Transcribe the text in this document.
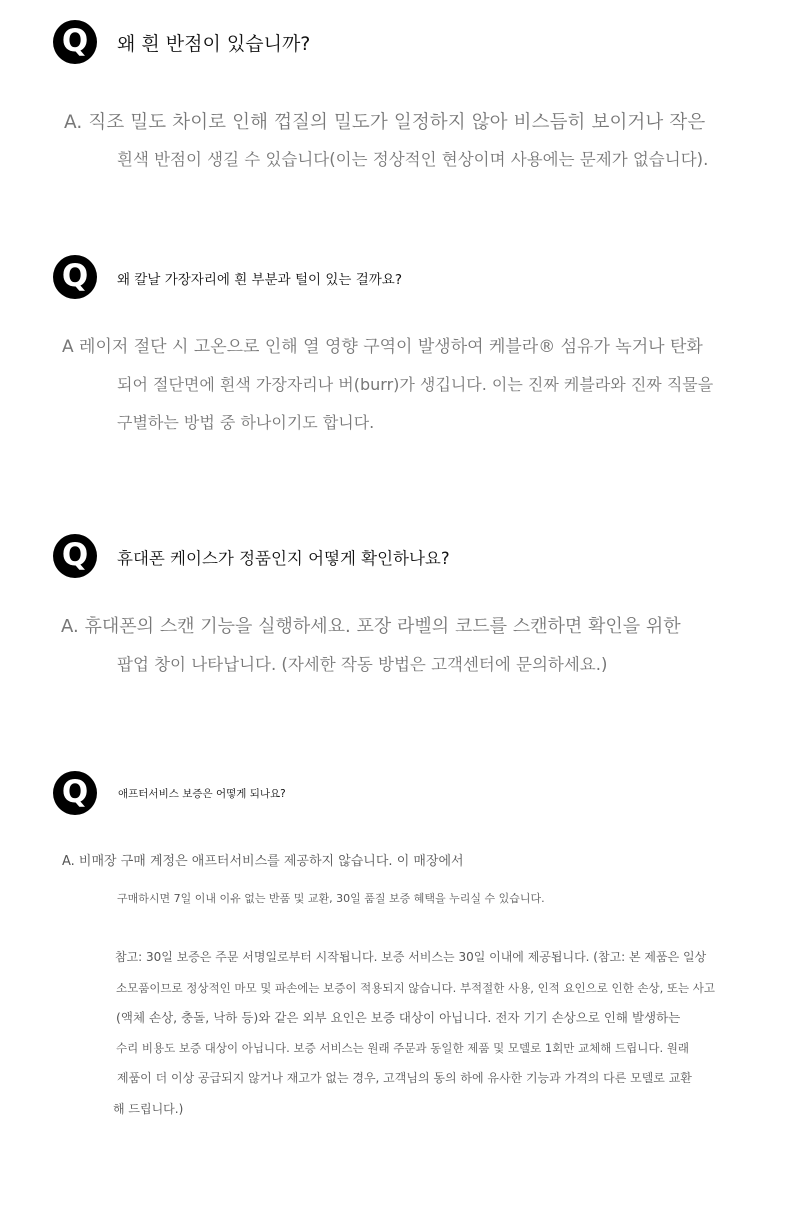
Q 왜 흰 반점이 있습니까?
A. 직조 밀도 차이로 인해 껍질의 밀도가 일정하지 않아 비스듬히 보이거나 작은
흰색 반점이 생길 수 있습니다(이는 정상적인 현상이며 사용에는 문제가 없습니다).
Q 왜 칼날 가장자리에 흰 부분과 털이 있는 걸까요?
A 레이저 절단 시 고온으로 인해 열 영향 구역이 발생하여 케블라® 섬유가 녹거나 탄화
되어 절단면에 흰색 가장자리나 버(burr)가 생깁니다. 이는 진짜 케블라와 진짜 직물을
구별하는 방법 중 하나이기도 합니다.
Q 휴대폰 케이스가 정품인지 어떻게 확인하나요?
A. 휴대폰의 스캔 기능을 실행하세요. 포장 라벨의 코드를 스캔하면 확인을 위한
팝업 창이 나타납니다. (자세한 작동 방법은 고객센터에 문의하세요.)
Q	애프터서비스 보증은 어떻게 되나요?
A. 비매장 구매 계정은 애프터서비스를 제공하지 않습니다. 이 매장에서
구매하시면 7일 이내 이유 없는 반품 및 교환, 30일 품질 보증 혜택을 누리실 수 있습니다.
참고: 30일 보증은 주문 서명일로부터 시작됩니다. 보증 서비스는 30일 이내에 제공됩니다. (참고: 본 제품은 일상
소모품이므로 정상적인 마모 및 파손에는 보증이 적용되지 않습니다. 부적절한 사용, 인적 요인으로 인한 손상, 또는 사고
(액체 손상, 충돌, 낙하 등)와 같은 외부 요인은 보증 대상이 아닙니다. 전자 기기 손상으로 인해 발생하는
수리 비용도 보증 대상이 아닙니다. 보증 서비스는 원래 주문과 동일한 제품 및 모델로 1회만 교체해 드립니다. 원래
제품이 더 이상 공급되지 않거나 재고가 없는 경우, 고객님의 동의 하에 유사한 기능과 가격의 다른 모델로 교환
해 드립니다.)
